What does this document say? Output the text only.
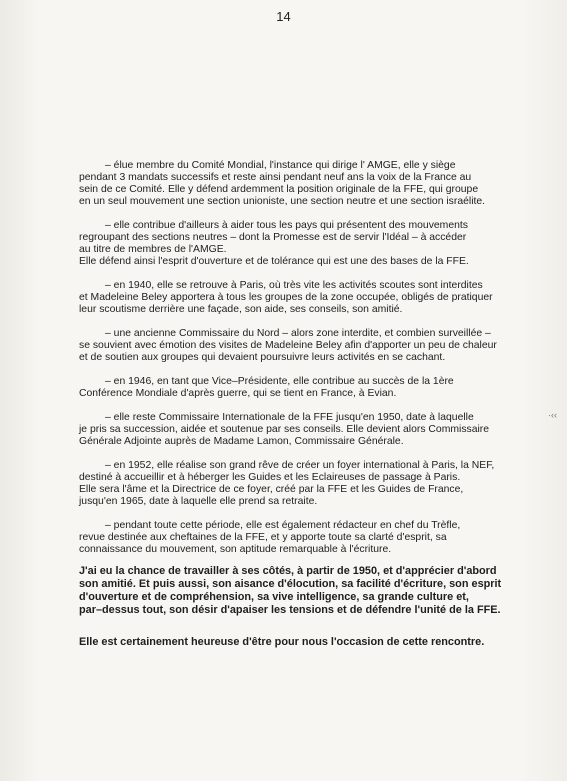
14

– élue membre du Comité Mondial, l'instance qui dirige l' AMGE, elle y siège
pendant 3 mandats successifs et reste ainsi pendant neuf ans la voix de la France au
sein de ce Comité. Elle y défend ardemment la position originale de la FFE, qui groupe
en un seul mouvement une section unioniste, une section neutre et une section israélite.

– elle contribue d'ailleurs à aider tous les pays qui présentent des mouvements
regroupant des sections neutres – dont la Promesse est de servir l'Idéal – à accéder
au titre de membres de l'AMGE.
Elle défend ainsi l'esprit d'ouverture et de tolérance qui est une des bases de la FFE.

– en 1940, elle se retrouve à Paris, où très vite les activités scoutes sont interdites
et Madeleine Beley apportera à tous les groupes de la zone occupée, obligés de pratiquer
leur scoutisme derrière une façade, son aide, ses conseils, son amitié.

– une ancienne Commissaire du Nord – alors zone interdite, et combien surveillée –
se souvient avec émotion des visites de Madeleine Beley afin d'apporter un peu de chaleur
et de soutien aux groupes qui devaient poursuivre leurs activités en se cachant.

– en 1946, en tant que Vice–Présidente, elle contribue au succès de la 1ère
Conférence Mondiale d'après guerre, qui se tient en France, à Evian.

– elle reste Commissaire Internationale de la FFE jusqu'en 1950, date à laquelle
je pris sa succession, aidée et soutenue par ses conseils. Elle devient alors Commissaire
Générale Adjointe auprès de Madame Lamon, Commissaire Générale.

– en 1952, elle réalise son grand rêve de créer un foyer international à Paris, la NEF,
destiné à accueillir et à héberger les Guides et les Eclaireuses de passage à Paris.
Elle sera l'âme et la Directrice de ce foyer, créé par la FFE et les Guides de France,
jusqu'en 1965, date à laquelle elle prend sa retraite.

– pendant toute cette période, elle est également rédacteur en chef du Trèfle,
revue destinée aux cheftaines de la FFE, et y apporte toute sa clarté d'esprit, sa
connaissance du mouvement, son aptitude remarquable à l'écriture.

J'ai eu la chance de travailler à ses côtés, à partir de 1950, et d'apprécier d'abord
son amitié. Et puis aussi, son aisance d'élocution, sa facilité d'écriture, son esprit
d'ouverture et de compréhension, sa vive intelligence, sa grande culture et,
par–dessus tout, son désir d'apaiser les tensions et de défendre l'unité de la FFE.
Elle est certainement heureuse d'être pour nous l'occasion de cette rencontre.
·‹‹
